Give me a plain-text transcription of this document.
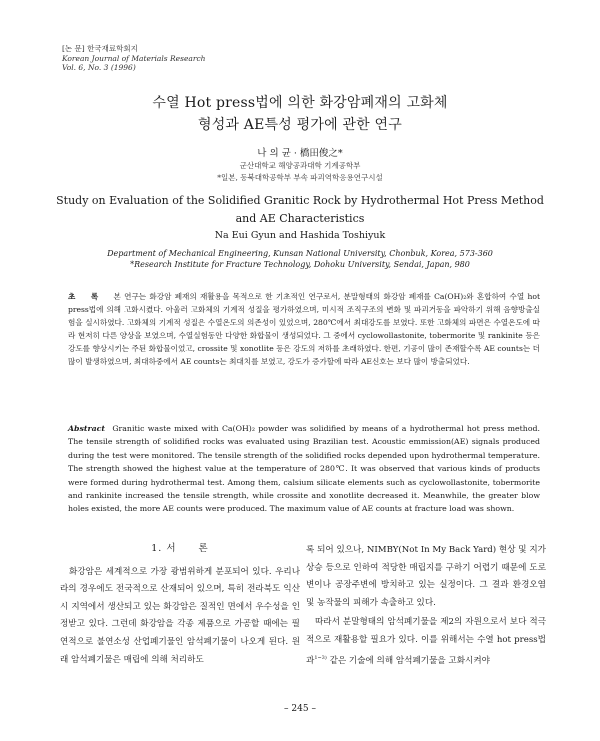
[논 문] 한국재료학회지
Korean Journal of Materials Research
Vol. 6, No. 3 (1996)
수열 Hot press법에 의한 화강암폐재의 고화체
형성과 AE특성 평가에 관한 연구
나 의 균 · 橋田俊之*
군산대학교 해양공과대학 기계공학부
*일본, 동북대학공학부 부속 파괴역학응용연구시설
Study on Evaluation of the Solidified Granitic Rock by Hydrothermal Hot Press Method and AE Characteristics
Na Eui Gyun and Hashida Toshiyuk
Department of Mechanical Engineering, Kunsan National University, Chonbuk, Korea, 573-360
*Research Institute for Fracture Technology, Dohoku University, Sendai, Japan, 980
초 록 본 연구는 화강암 폐재의 재활용을 목적으로 한 기초적인 연구로서, 분말형태의 화강암 폐재를 Ca(OH)₂와 혼합하여 수열 hot press법에 의해 고화시켰다. 아울러 고화체의 기계적 성질을 평가하였으며, 미시적 조직구조의 변화 및 파괴거동을 파악하기 위해 음향방출실험을 실시하였다. 고화체의 기계적 성질은 수열온도의 의존성이 있었으며, 280℃에서 최대강도를 보였다. 또한 고화체의 파면은 수열온도에 따라 현저히 다른 양상을 보였으며, 수열실험동안 다양한 화합물이 생성되었다. 그 중에서 cyclowollastonite, tobermorite 및 rankinite 등은 강도를 향상시키는 주된 화합물이었고, crossite 및 xonotlite 등은 강도의 저하를 초래하였다. 한편, 기공이 많이 존재할수록 AE counts는 더 많이 발생하였으며, 최대하중에서 AE counts는 최대치를 보였고, 강도가 증가할에 따라 AE신호는 보다 많이 방출되었다.
Abstract Granitic waste mixed with Ca(OH)₂ powder was solidified by means of a hydrothermal hot press method. The tensile strength of solidified rocks was evaluated using Brazilian test. Acoustic emmission(AE) signals produced during the test were monitored. The tensile strength of the solidified rocks depended upon hydrothermal temperature. The strength showed the highest value at the temperature of 280℃. It was observed that various kinds of products were formed during hydrothermal test. Among them, calsium silicate elements such as cyclowollastonite, tobermorite and rankinite increased the tensile strength, while crossite and xonotlite decreased it. Meanwhile, the greater blow holes existed, the more AE counts were produced. The maximum value of AE counts at fracture load was shown.
1. 서 론
화강암은 세계적으로 가장 광범위하게 분포되어 있다. 우리나라의 경우에도 전국적으로 산재되어 있으며, 특히 전라북도 익산시 지역에서 생산되고 있는 화강암은 질적인 면에서 우수성을 인정받고 있다. 그런데 화강암을 각종 제품으로 가공할 때에는 필연적으로 불연소성 산업폐기물인 암석폐기물이 나오게 된다. 원래 암석폐기물은 매립에 의해 처리하도
록 되어 있으나, NIMBY(Not In My Back Yard) 현상 및 지가상승 등으로 인하여 적당한 매립지를 구하기 어렵기 때문에 도로변이나 공장주변에 방치하고 있는 실정이다. 그 결과 환경오염 및 농작물의 피해가 속출하고 있다.
따라서 분말형태의 암석폐기물을 제2의 자원으로서 보다 적극적으로 재활용할 필요가 있다. 이를 위해서는 수열 hot press법과$^{1\sim 3)}$ 같은 기술에 의해 암석폐기물을 고화시켜야
– 245 –
